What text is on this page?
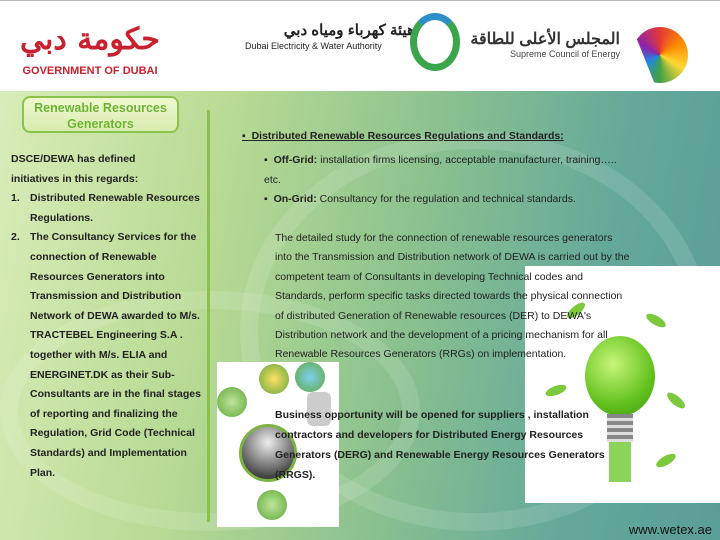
حكومة دبي
GOVERNMENT OF DUBAI
هيئة كهرباء ومياه دبي
Dubai Electricity & Water Authority	المجلس الأعلى للطاقة
Supreme Council of Energy
www.wetex.ae
Renewable Resources
Generators
DSCE/DEWA has defined
initiatives in this regards:
1. Distributed Renewable Resources Regulations.
2. The Consultancy Services for the connection of Renewable Resources Generators into Transmission and Distribution Network of DEWA awarded to M/s. TRACTEBEL Engineering S.A . together with M/s. ELIA and ENERGINET.DK as their Sub-Consultants are in the final stages of reporting and finalizing the Regulation, Grid Code (Technical Standards) and Implementation Plan.
▪  Distributed Renewable Resources Regulations and Standards:
▪  Off-Grid: installation firms licensing, acceptable manufacturer, training….. etc.
▪  On-Grid: Consultancy for the regulation and technical standards.
The detailed study for the connection of renewable resources generators into the Transmission and Distribution network of DEWA is carried out by the competent team of Consultants in developing Technical codes and Standards, perform specific tasks directed towards the physical connection of distributed Generation of Renewable resources (DER) to DEWA's Distribution network and the development of a pricing mechanism for all Renewable Resources Generators (RRGs) on implementation.
Business opportunity will be opened for suppliers , installation contractors and developers for Distributed Energy Resources Generators (DERG) and Renewable Energy Resources Generators (RRGS).
